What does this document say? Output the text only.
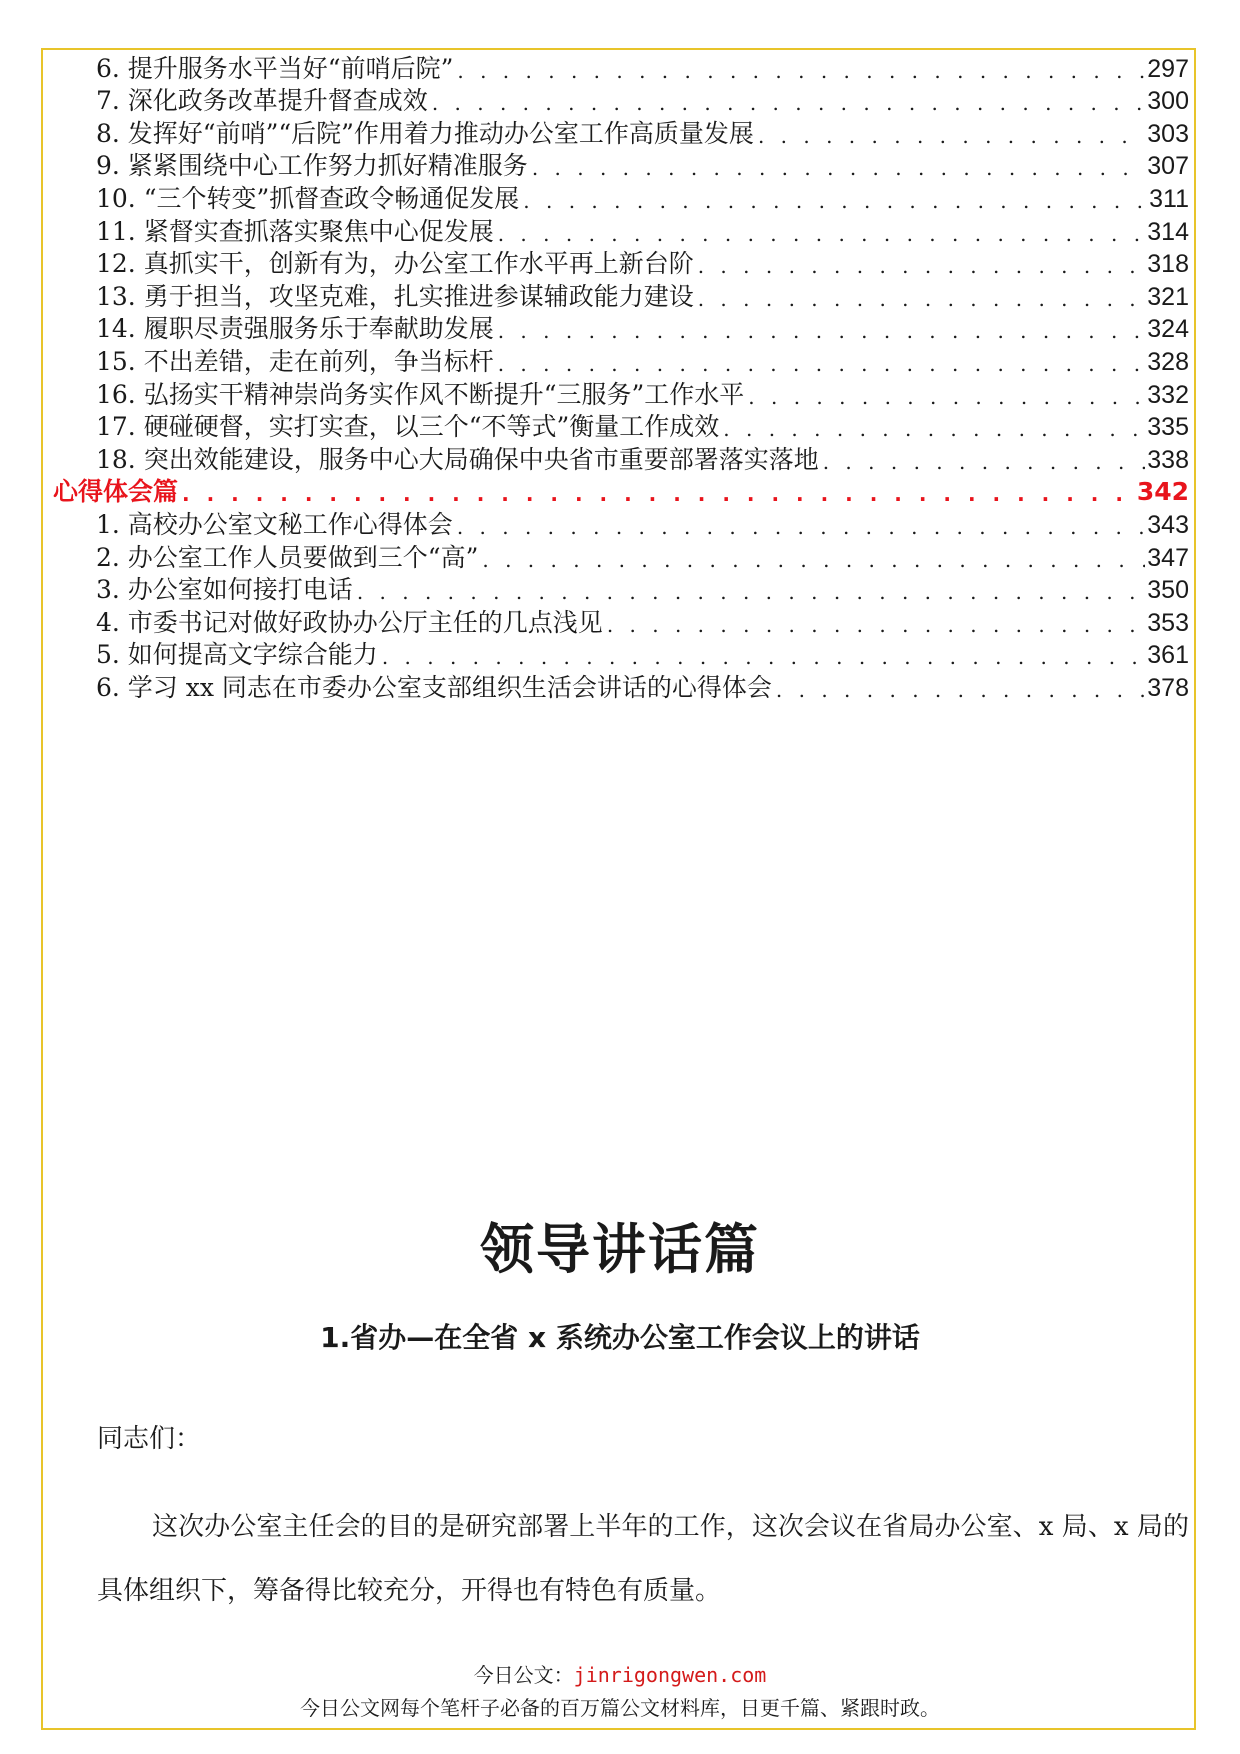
6. 提升服务水平当好“前哨后院” . . .	297
7. 深化政务改革提升督查成效 . . .	300
8. 发挥好“前哨”“后院”作用着力推动办公室工作高质量发展 . . .	303
9. 紧紧围绕中心工作努力抓好精准服务 . . .	307
10. “三个转变”抓督查政令畅通促发展 . . .	311
11. 紧督实查抓落实聚焦中心促发展 . . .	314
12. 真抓实干，创新有为，办公室工作水平再上新台阶 . . .	318
13. 勇于担当，攻坚克难，扎实推进参谋辅政能力建设 . . .	321
14. 履职尽责强服务乐于奉献助发展 . . .	324
15. 不出差错，走在前列，争当标杆 . . .	328
16. 弘扬实干精神崇尚务实作风不断提升“三服务”工作水平 . . .	332
17. 硬碰硬督，实打实查，以三个“不等式”衡量工作成效 . . .	335
18. 突出效能建设，服务中心大局确保中央省市重要部署落实落地 . . .	338
心得体会篇 . . .	342
1. 高校办公室文秘工作心得体会 . . .	343
2. 办公室工作人员要做到三个“高” . . .	347
3. 办公室如何接打电话 . . .	350
4. 市委书记对做好政协办公厅主任的几点浅见 . . .	353
5. 如何提高文字综合能力 . . .	361
6. 学习 xx 同志在市委办公室支部组织生活会讲话的心得体会 . . .	378
领导讲话篇
1.省办—在全省 x 系统办公室工作会议上的讲话
同志们：
这次办公室主任会的目的是研究部署上半年的工作，这次会议在省局办公室、x 局、x 局的具体组织下，筹备得比较充分，开得也有特色有质量。
今日公文：jinrigongwen.com
今日公文网每个笔杆子必备的百万篇公文材料库，日更千篇、紧跟时政。
